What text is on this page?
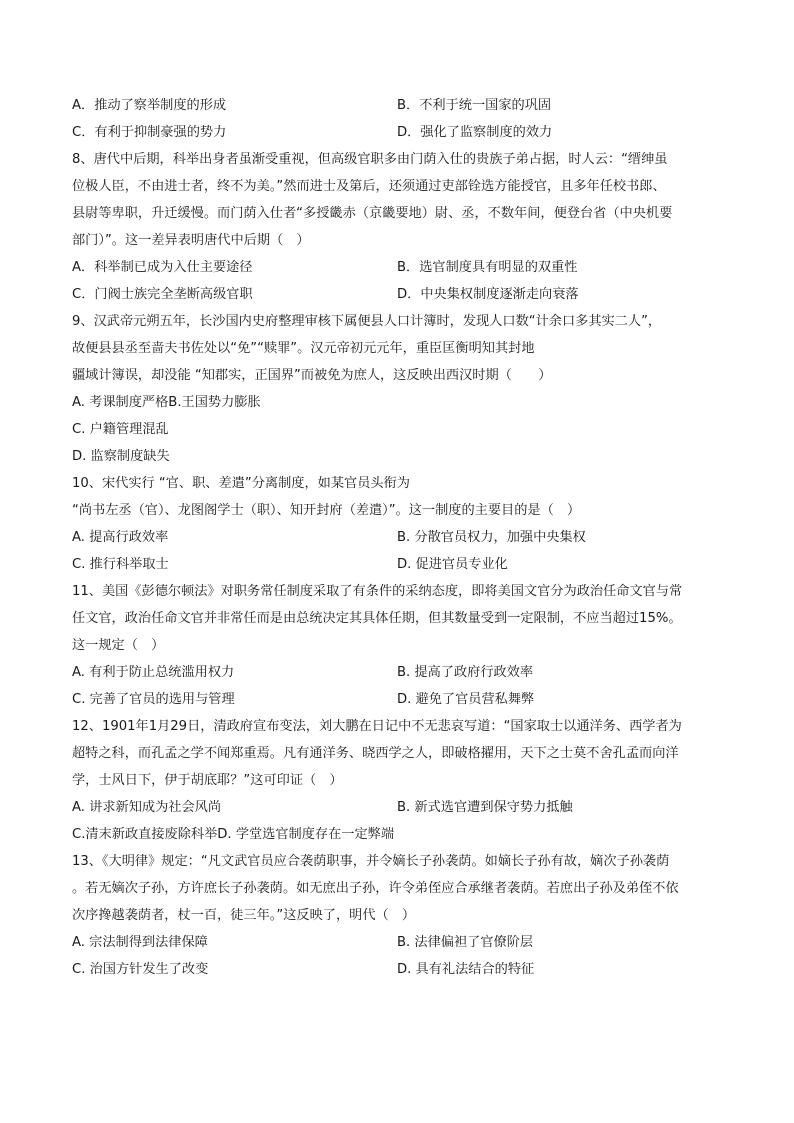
A．推动了察举制度的形成	B．不利于统一国家的巩固
C．有利于抑制豪强的势力	D．强化了监察制度的效力
8、唐代中后期，科举出身者虽渐受重视，但高级官职多由门荫入仕的贵族子弟占据，时人云：“缙绅虽
位极人臣，不由进士者，终不为美。”然而进士及第后，还须通过吏部铨选方能授官，且多年任校书郎、
县尉等卑职，升迁缓慢。而门荫入仕者“多授畿赤（京畿要地）尉、丞，不数年间，便登台省（中央机要
部门）”。这一差异表明唐代中后期（　）
A．科举制已成为入仕主要途径	B．选官制度具有明显的双重性
C．门阀士族完全垄断高级官职	D．中央集权制度逐渐走向衰落
9、汉武帝元朔五年，长沙国内史府整理审核下属便县人口计簿时，发现人口数“计余口多其实二人”，
故便县县丞至啬夫书佐处以“免”“赎罪”。汉元帝初元元年，重臣匡衡明知其封地
疆域计簿误，却没能 “知郡实，正国界”而被免为庶人，这反映出西汉时期（　　）
A. 考课制度严格B.王国势力膨胀
C. 户籍管理混乱
D. 监察制度缺失
10、宋代实行 “官、职、差遣”分离制度，如某官员头衔为
“尚书左丞（官）、龙图阁学士（职）、知开封府（差遣）”。这一制度的主要目的是（　）
A. 提高行政效率	B. 分散官员权力，加强中央集权
C. 推行科举取士	D. 促进官员专业化
11、美国《彭德尔顿法》对职务常任制度采取了有条件的采纳态度，即将美国文官分为政治任命文官与常
任文官，政治任命文官并非常任而是由总统决定其具体任期，但其数量受到一定限制，不应当超过15%。
这一规定（　）
A. 有利于防止总统滥用权力	B. 提高了政府行政效率
C. 完善了官员的选用与管理	D. 避免了官员营私舞弊
12、1901年1月29日，清政府宣布变法，刘大鹏在日记中不无悲哀写道：“国家取士以通洋务、西学者为
超特之科，而孔孟之学不闻郑重焉。凡有通洋务、晓西学之人，即破格擢用，天下之士莫不舍孔孟而向洋
学，士风日下，伊于胡底耶？”这可印证（　）
A. 讲求新知成为社会风尚	B. 新式选官遭到保守势力抵触
C.清末新政直接废除科举D. 学堂选官制度存在一定弊端
13、《大明律》规定：“凡文武官员应合袭荫职事，并令嫡长子孙袭荫。如嫡长子孙有故，嫡次子孙袭荫
。若无嫡次子孙，方许庶长子孙袭荫。如无庶出子孙，许令弟侄应合承继者袭荫。若庶出子孙及弟侄不依
次序搀越袭荫者，杖一百，徒三年。”这反映了，明代（　）
A. 宗法制得到法律保障	B. 法律偏袒了官僚阶层
C. 治国方针发生了改变	D. 具有礼法结合的特征
